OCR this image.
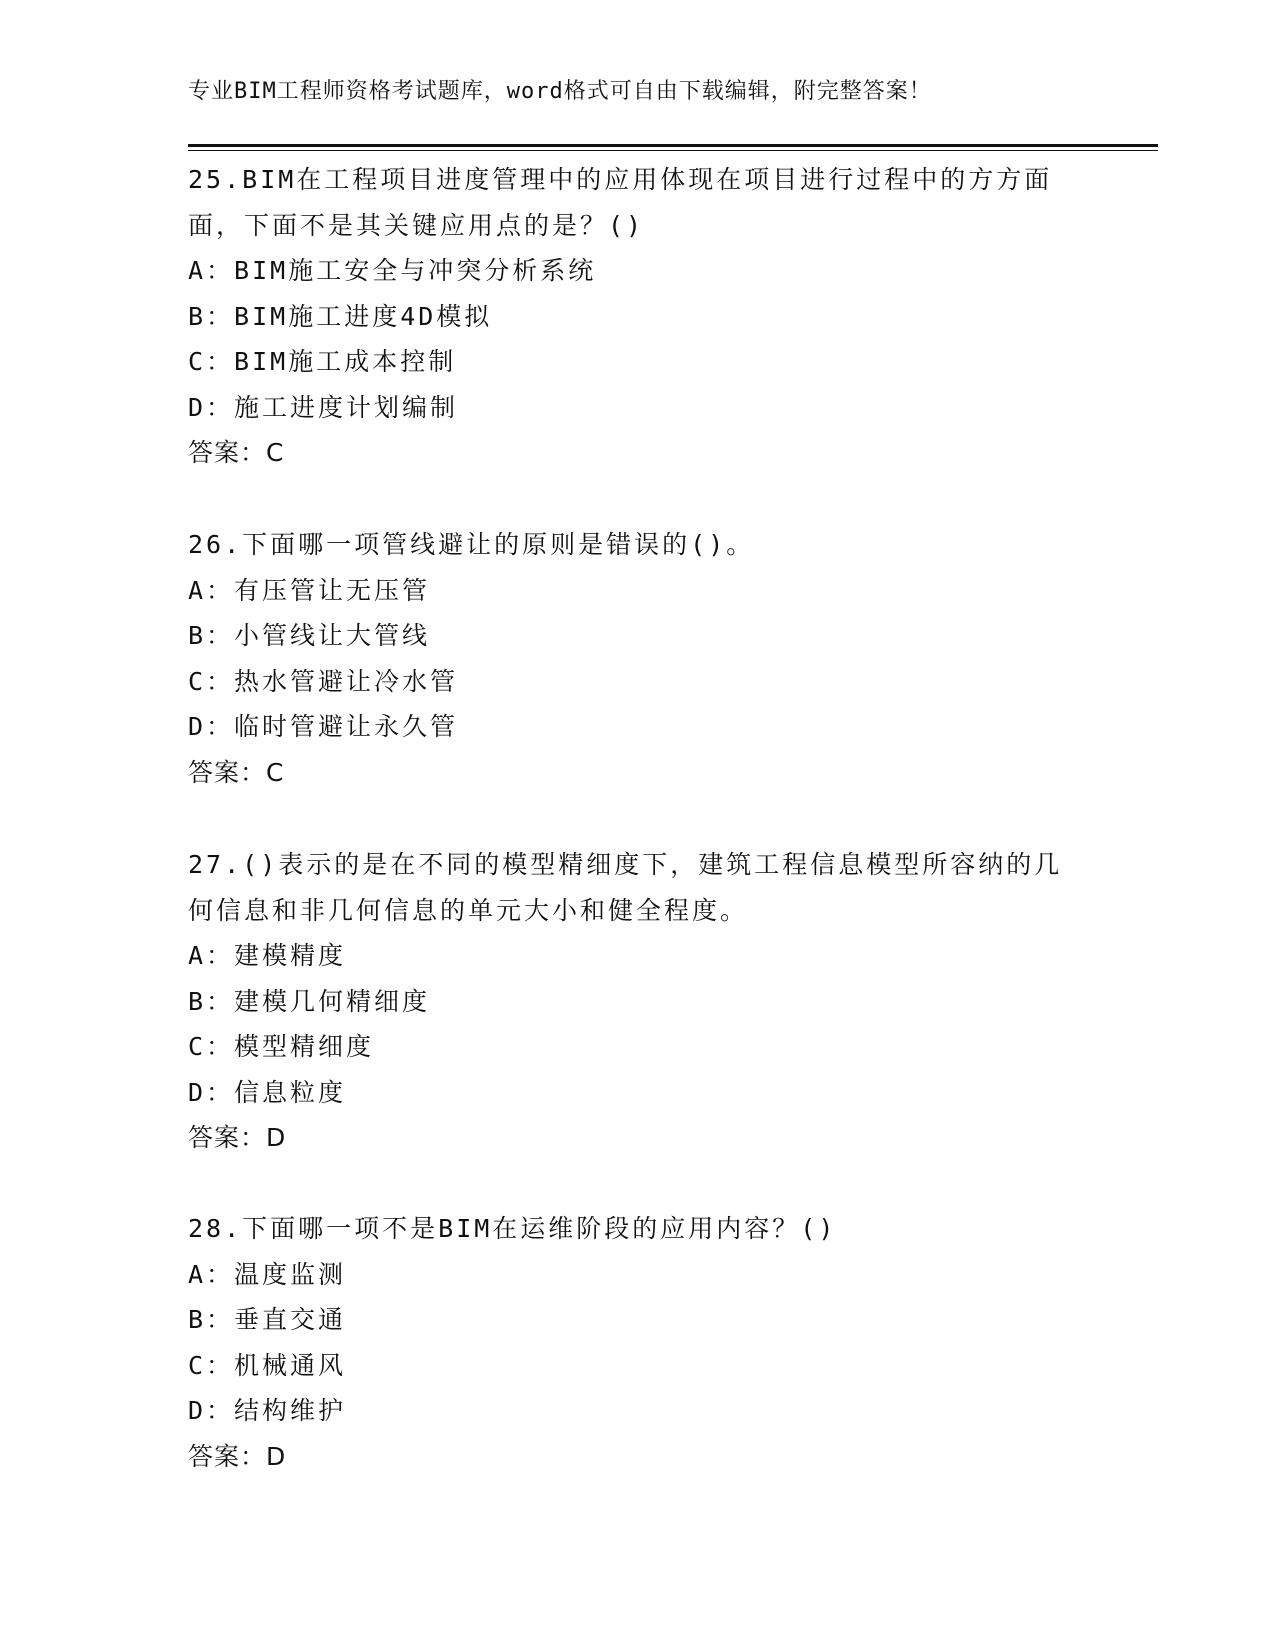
专业BIM工程师资格考试题库，word格式可自由下载编辑，附完整答案！
25.BIM在工程项目进度管理中的应用体现在项目进行过程中的方方面
面，下面不是其关键应用点的是？()
A：BIM施工安全与冲突分析系统
B：BIM施工进度4D模拟
C：BIM施工成本控制
D：施工进度计划编制
答案：C
26.下面哪一项管线避让的原则是错误的()。
A：有压管让无压管
B：小管线让大管线
C：热水管避让冷水管
D：临时管避让永久管
答案：C
27.()表示的是在不同的模型精细度下，建筑工程信息模型所容纳的几
何信息和非几何信息的单元大小和健全程度。
A：建模精度
B：建模几何精细度
C：模型精细度
D：信息粒度
答案：D
28.下面哪一项不是BIM在运维阶段的应用内容？()
A：温度监测
B：垂直交通
C：机械通风
D：结构维护
答案：D
